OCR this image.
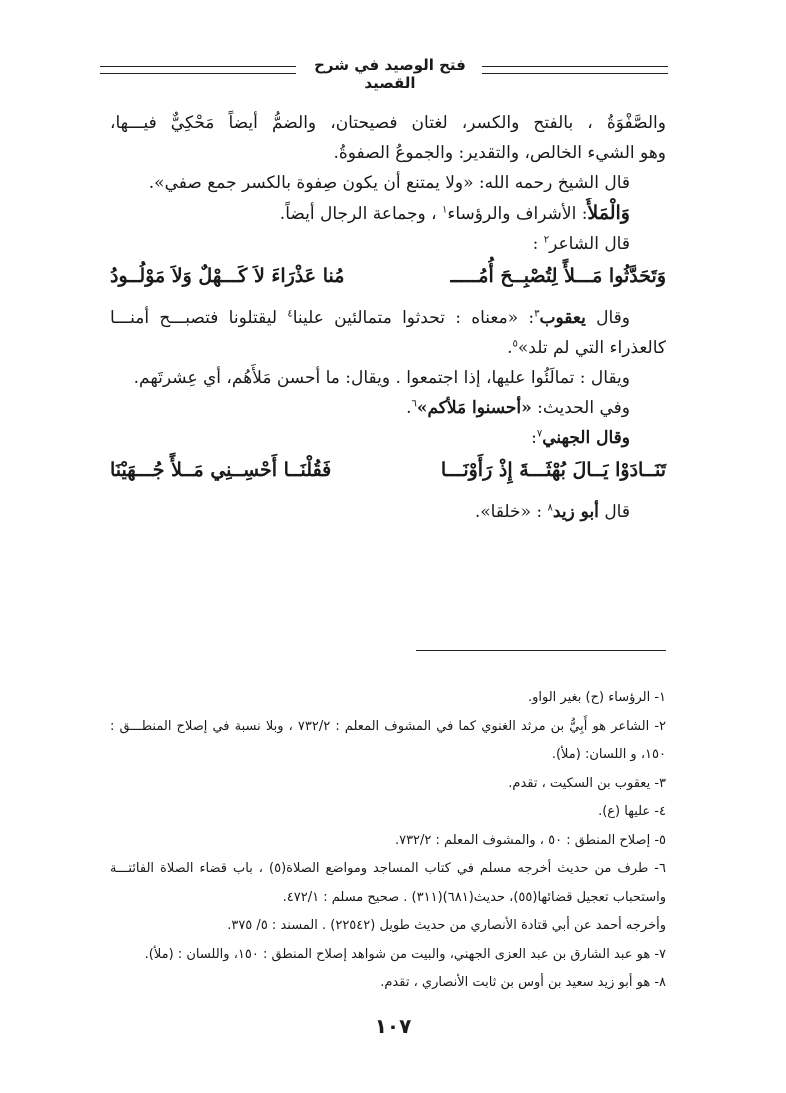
فتح الوصيد في شرح القصيد
والصَّفْوَةُ ، بالفتح والكسر، لغتان فصيحتان، والضمُّ أيضاً مَحْكِيٌّ فيـــها،
وهو الشيء الخالص، والتقدير: والجموعُ الصفوةُ.
قال الشيخ رحمه الله: «ولا يمتنع أن يكون صِفوة بالكسر جمع صفي».
وَالْمَلأُ: الأشراف والرؤساء$^١$ ، وجماعة الرجال أيضاً.
قال الشاعر$^٢$ :
وَتَحَدَّثُوا مَـــلأً لِتُصْبِــحَ أُمُـــــ
مُنا عَذْرَاءَ لاَ كَـــهْلٌ وَلاَ مَوْلُــودُ
وقال يعقوب$^٣$: «معناه : تحدثوا متمالئين علينا$^٤$ ليقتلونا فتصبـــح أمنـــا
كالعذراء التي لم تلد»$^٥$.
ويقال : تمالَئُوا عليها، إذا اجتمعوا . ويقال: ما أحسن مَلأَهُم، أي عِشرتَهم.
وفي الحديث: «أحسنوا مَلأكم»$^٦$.
وقال الجهني$^٧$:
تَنَــادَوْا يَــالَ بُهْثَـــةَ إِذْ رَأَوْنَـــا
فَقُلْنَــا أَحْسِــنِي مَــلأً جُـــهَيْنَا
قال أبو زيد$^٨$ : «خلقا».
١- الرؤساء (ح) بغير الواو.
٢- الشاعر هو أَبِيُّ بن مرثد الغنوي كما في المشوف المعلم : ٧٣٢/٢ ، وبلا نسبة في إصلاح المنطـــق :
١٥٠، و اللسان: (ملأ).
٣- يعقوب بن السكيت ، تقدم.
٤- عليها (ع).
٥- إصلاح المنطق : ٥٠ ، والمشوف المعلم : ٧٣٢/٢.
٦- طرف من حديث أخرجه مسلم في كتاب المساجد ومواضع الصلاة(٥) ، باب قضاء الصلاة الفائتـــة
واستحباب تعجيل قضائها(٥٥)، حديث(٦٨١)(٣١١) . صحيح مسلم : ٤٧٢/١.
وأخرجه أحمد عن أبي قتادة الأنصاري من حديث طويل (٢٢٥٤٢) . المسند : ٥/ ٣٧٥.
٧- هو عبد الشارق بن عبد العزى الجهني، والبيت من شواهد إصلاح المنطق : ١٥٠، واللسان : (ملأ).
٨- هو أبو زيد سعيد بن أوس بن ثابت الأنصاري ، تقدم.
١٠٧
